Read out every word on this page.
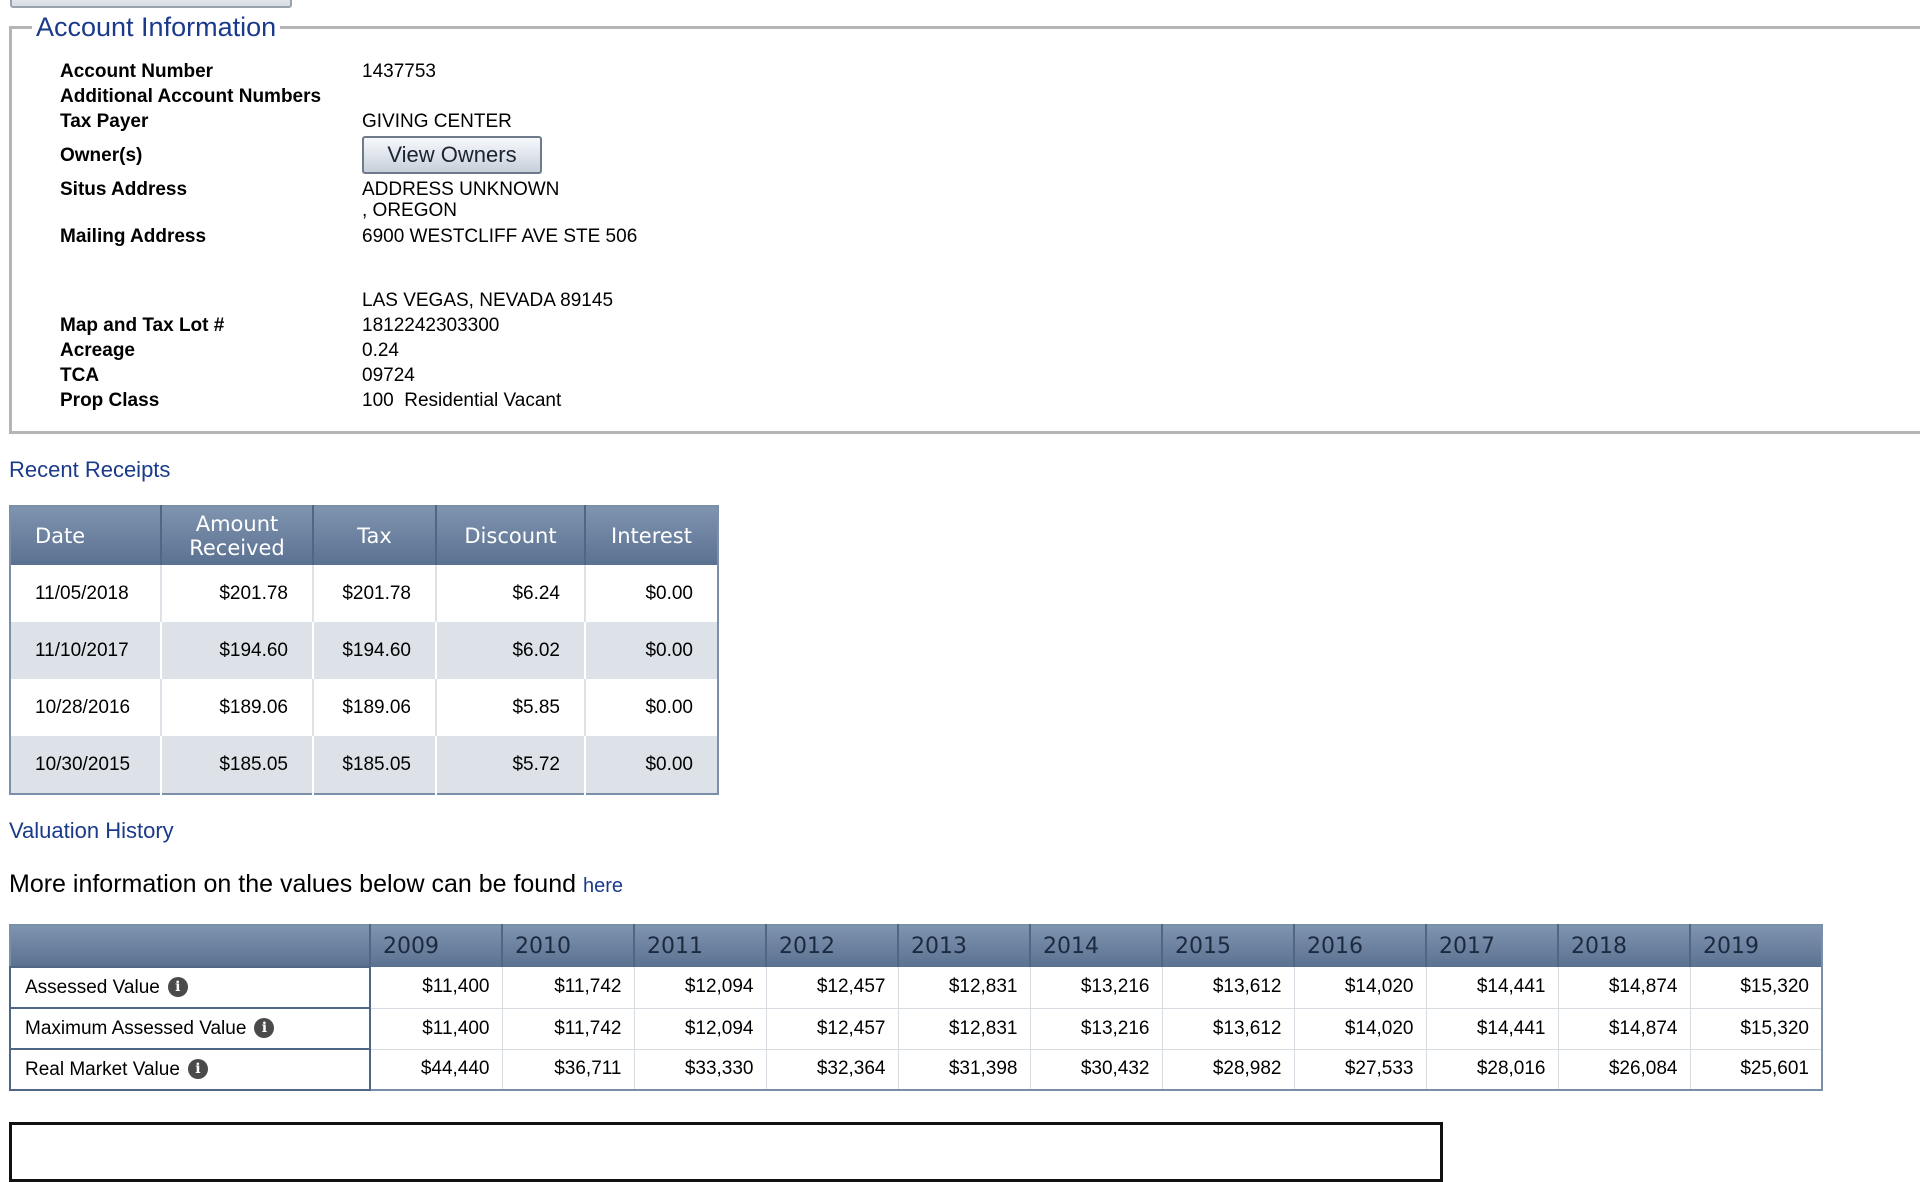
Account Information
Account Number	1437753
Additional Account Numbers
Tax Payer	GIVING CENTER
Owner(s)	View Owners
Situs Address	ADDRESS UNKNOWN
, OREGON
Mailing Address	6900 WESTCLIFF AVE STE 506
LAS VEGAS, NEVADA 89145
Map and Tax Lot #	1812242303300
Acreage	0.24
TCA	09724
Prop Class	100  Residential Vacant
Recent Receipts
Date	Amount Received	Tax	Discount	Interest
11/05/2018	$201.78	$201.78	$6.24	$0.00
11/10/2017	$194.60	$194.60	$6.02	$0.00
10/28/2016	$189.06	$189.06	$5.85	$0.00
10/30/2015	$185.05	$185.05	$5.72	$0.00
Valuation History
More information on the values below can be found here
	2009	2010	2011	2012	2013	2014	2015	2016	2017	2018	2019
Assessed Value i	$11,400	$11,742	$12,094	$12,457	$12,831	$13,216	$13,612	$14,020	$14,441	$14,874	$15,320
Maximum Assessed Value i	$11,400	$11,742	$12,094	$12,457	$12,831	$13,216	$13,612	$14,020	$14,441	$14,874	$15,320
Real Market Value i	$44,440	$36,711	$33,330	$32,364	$31,398	$30,432	$28,982	$27,533	$28,016	$26,084	$25,601
